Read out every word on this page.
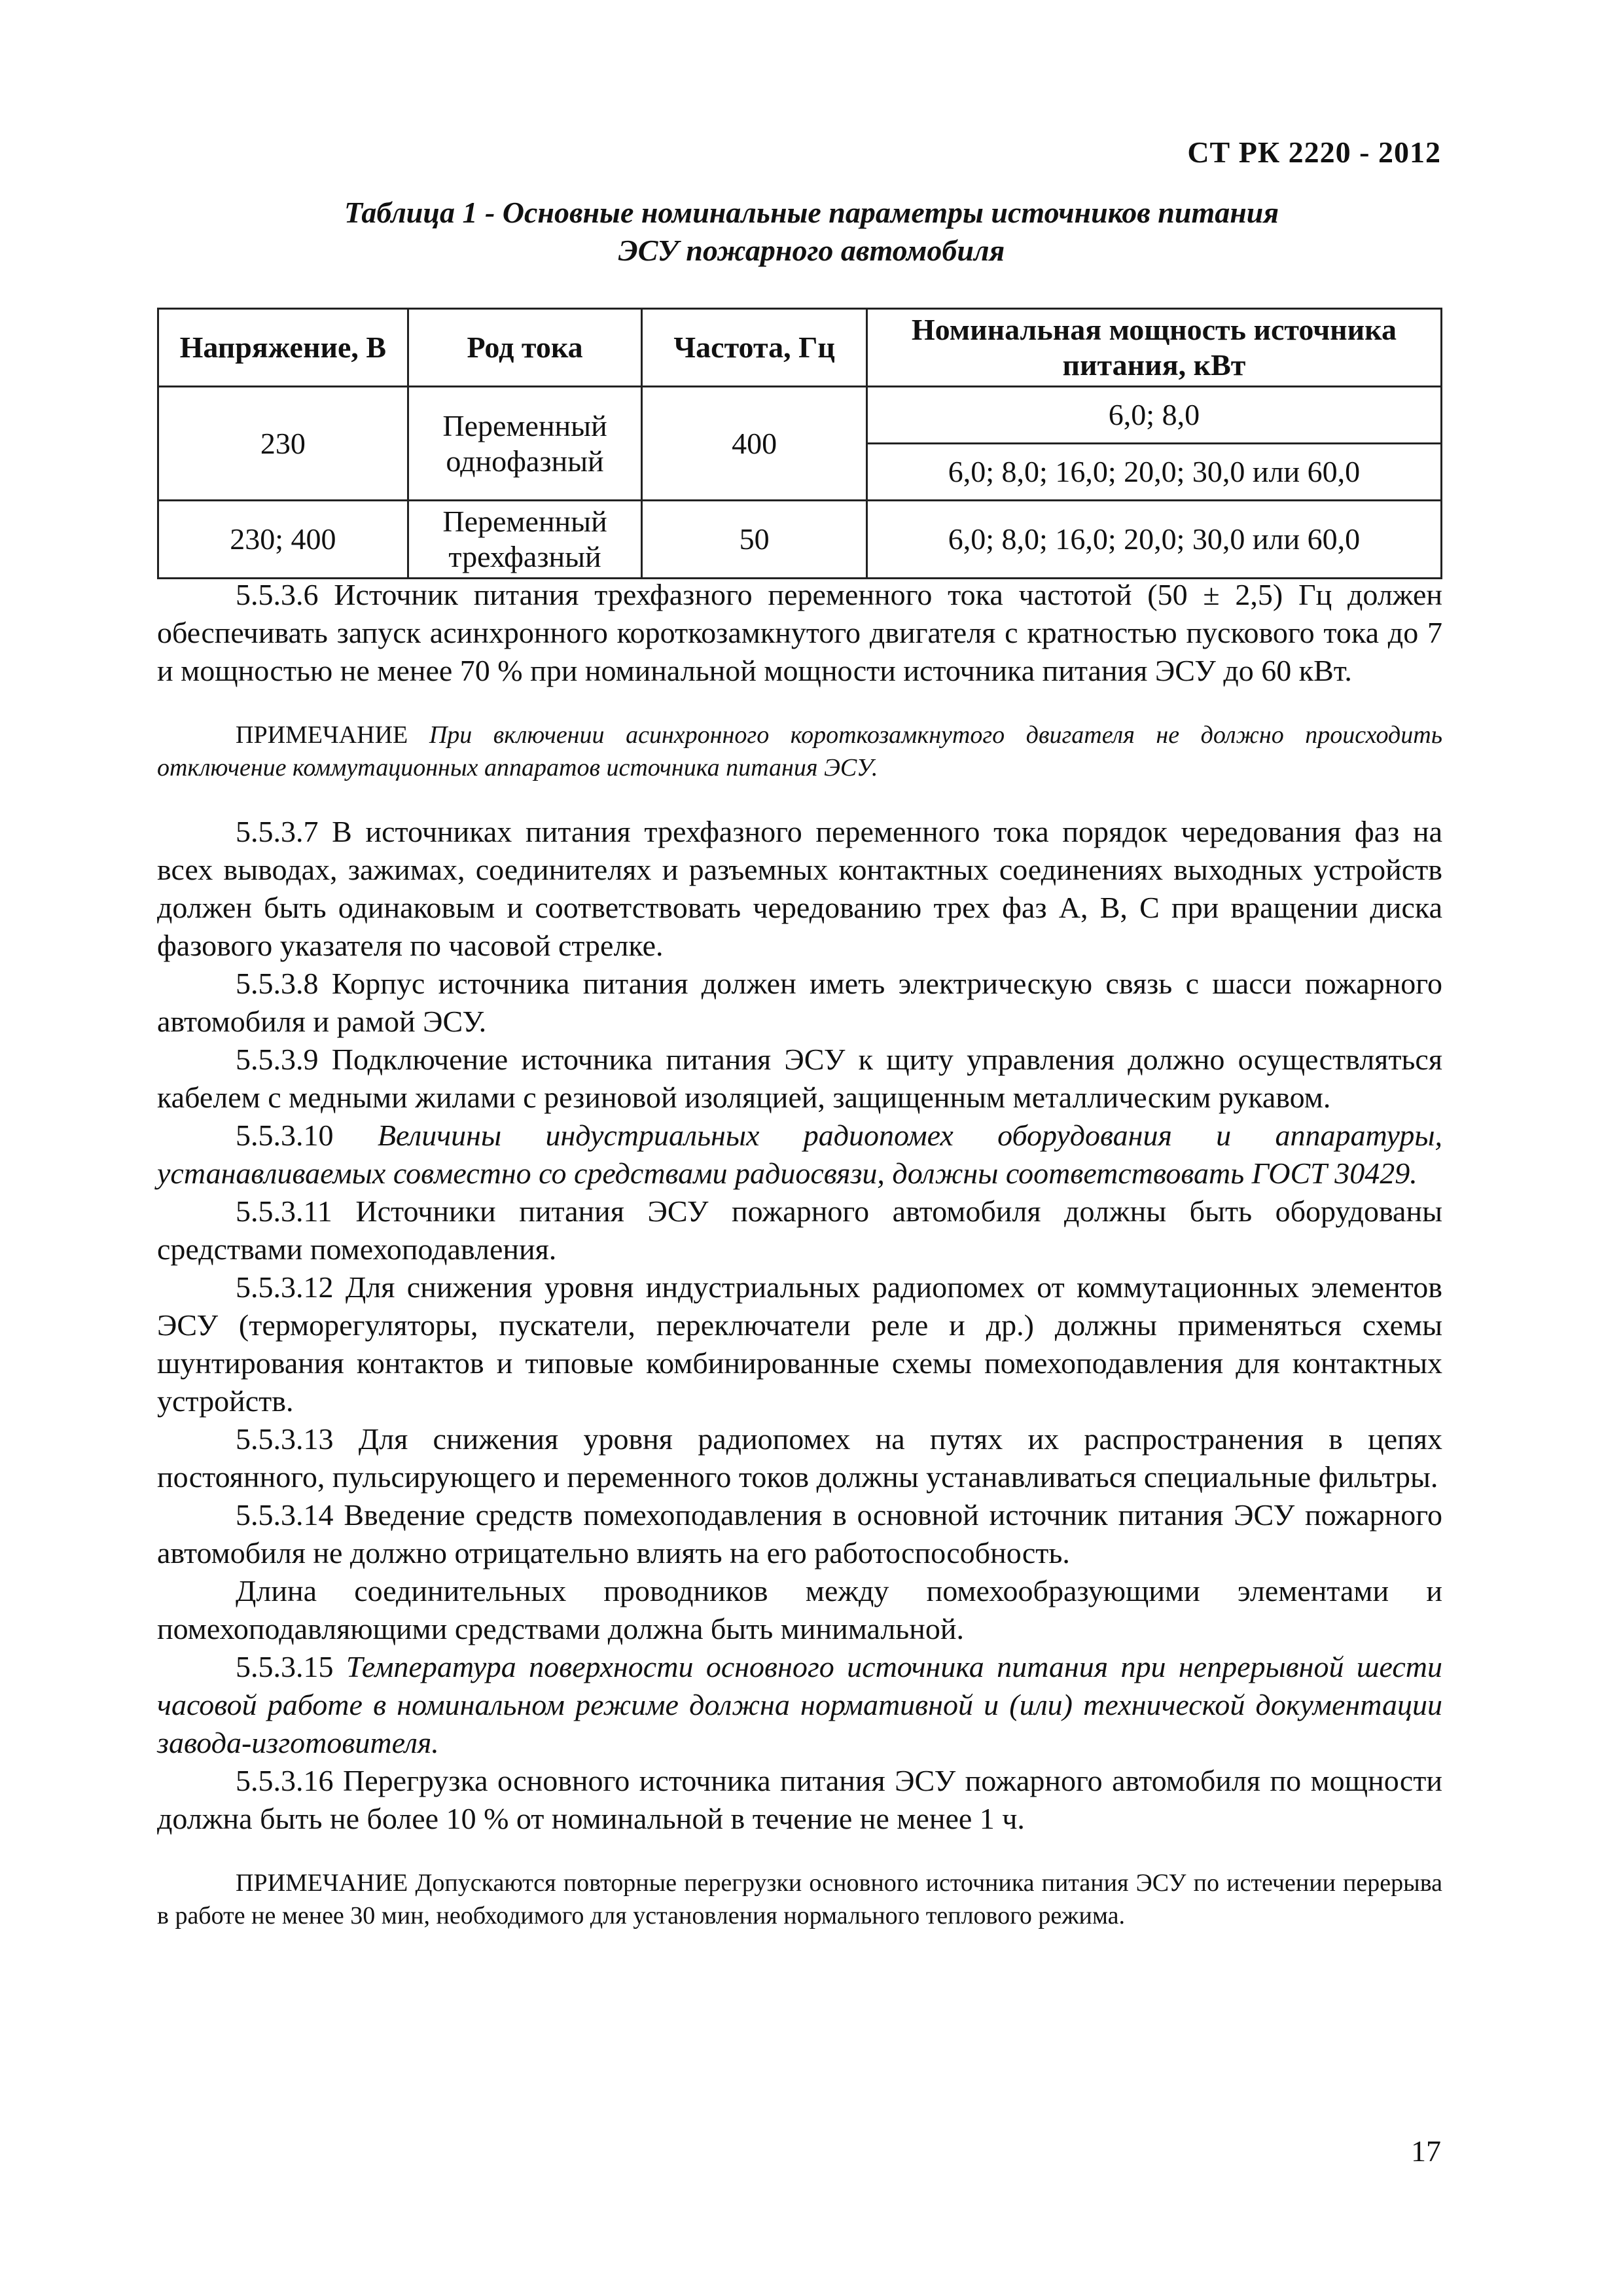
СТ РК 2220 - 2012
Таблица 1 - Основные номинальные параметры источников питания
ЭСУ пожарного автомобиля
Напряжение, В	Род тока	Частота, Гц	Номинальная мощность источника питания, кВт
230	Переменный однофазный	400	6,0; 8,0
			6,0; 8,0; 16,0; 20,0; 30,0 или 60,0
230; 400	Переменный трехфазный	50	6,0; 8,0; 16,0; 20,0; 30,0 или 60,0

5.5.3.6 Источник питания трехфазного переменного тока частотой (50 ± 2,5) Гц должен обеспечивать запуск асинхронного короткозамкнутого двигателя с кратностью пускового тока до 7 и мощностью не менее 70 % при номинальной мощности источника питания ЭСУ до 60 кВт.

ПРИМЕЧАНИЕ При включении асинхронного короткозамкнутого двигателя не должно происходить отключение коммутационных аппаратов источника питания ЭСУ.

5.5.3.7 В источниках питания трехфазного переменного тока порядок чередования фаз на всех выводах, зажимах, соединителях и разъемных контактных соединениях выходных устройств должен быть одинаковым и соответствовать чередованию трех фаз А, В, С при вращении диска фазового указателя по часовой стрелке.

5.5.3.8 Корпус источника питания должен иметь электрическую связь с шасси пожарного автомобиля и рамой ЭСУ.

5.5.3.9 Подключение источника питания ЭСУ к щиту управления должно осуществляться кабелем с медными жилами с резиновой изоляцией, защищенным металлическим рукавом.

5.5.3.10 Величины индустриальных радиопомех оборудования и аппаратуры, устанавливаемых совместно со средствами радиосвязи, должны соответствовать ГОСТ 30429.

5.5.3.11 Источники питания ЭСУ пожарного автомобиля должны быть оборудованы средствами помехоподавления.

5.5.3.12 Для снижения уровня индустриальных радиопомех от коммутационных элементов ЭСУ (терморегуляторы, пускатели, переключатели реле и др.) должны применяться схемы шунтирования контактов и типовые комбинированные схемы помехоподавления для контактных устройств.

5.5.3.13 Для снижения уровня радиопомех на путях их распространения в цепях постоянного, пульсирующего и переменного токов должны устанавливаться специальные фильтры.

5.5.3.14 Введение средств помехоподавления в основной источник питания ЭСУ пожарного автомобиля не должно отрицательно влиять на его работоспособность.

Длина соединительных проводников между помехообразующими элементами и помехоподавляющими средствами должна быть минимальной.

5.5.3.15 Температура поверхности основного источника питания при непрерывной шести часовой работе в номинальном режиме должна нормативной и (или) технической документации завода-изготовителя.

5.5.3.16 Перегрузка основного источника питания ЭСУ пожарного автомобиля по мощности должна быть не более 10 % от номинальной в течение не менее 1 ч.

ПРИМЕЧАНИЕ Допускаются повторные перегрузки основного источника питания ЭСУ по истечении перерыва в работе не менее 30 мин, необходимого для установления нормального теплового режима.

17
